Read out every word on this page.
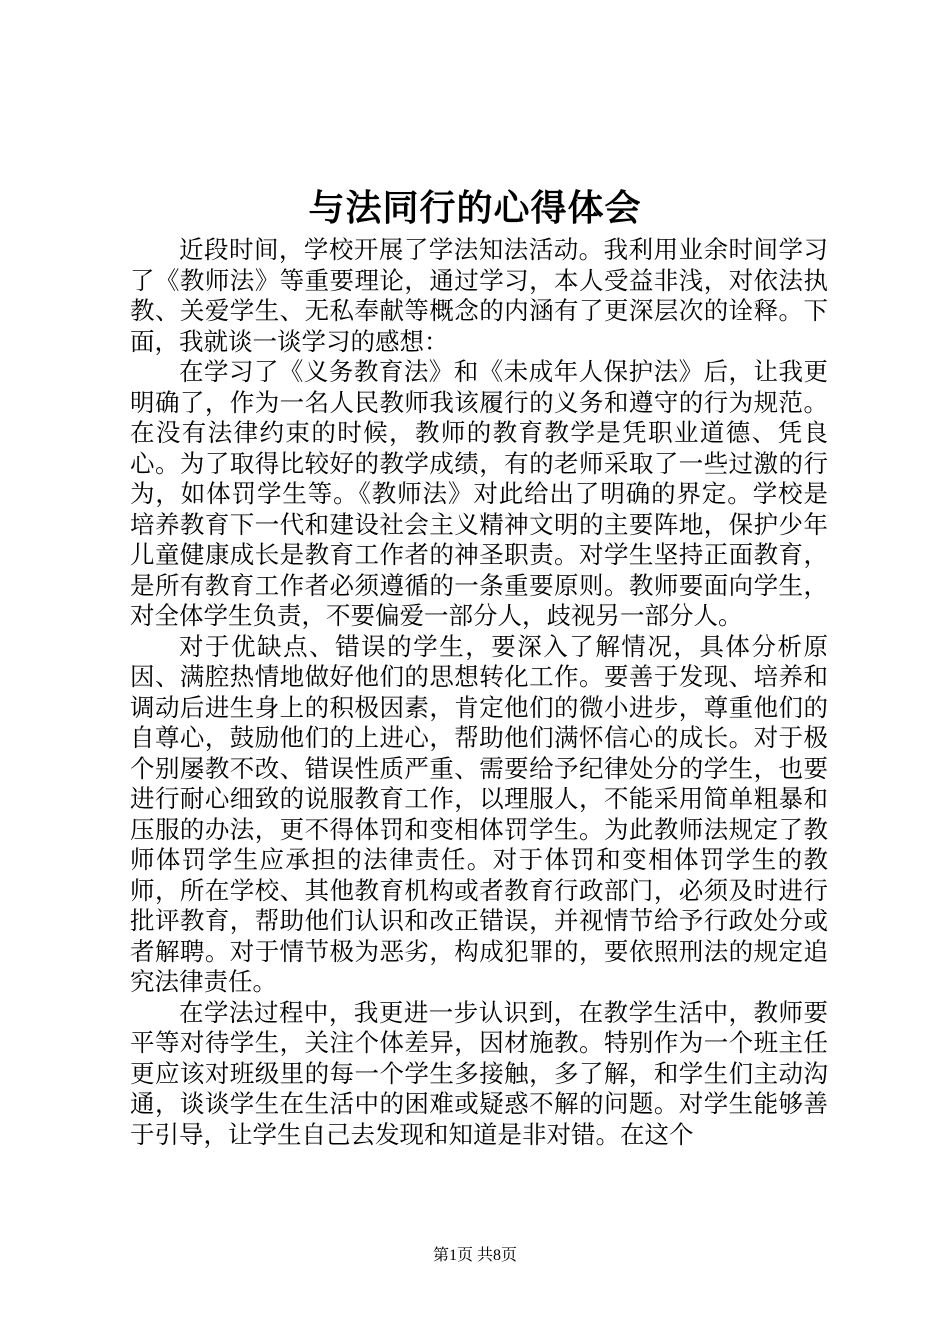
与法同行的心得体会

近段时间，学校开展了学法知法活动。我利用业余时间学习了《教师法》等重要理论，通过学习，本人受益非浅，对依法执教、关爱学生、无私奉献等概念的内涵有了更深层次的诠释。下面，我就谈一谈学习的感想：

在学习了《义务教育法》和《未成年人保护法》后，让我更明确了，作为一名人民教师我该履行的义务和遵守的行为规范。在没有法律约束的时候，教师的教育教学是凭职业道德、凭良心。为了取得比较好的教学成绩，有的老师采取了一些过激的行为，如体罚学生等。《教师法》对此给出了明确的界定。学校是培养教育下一代和建设社会主义精神文明的主要阵地，保护少年儿童健康成长是教育工作者的神圣职责。对学生坚持正面教育，是所有教育工作者必须遵循的一条重要原则。教师要面向学生，对全体学生负责，不要偏爱一部分人，歧视另一部分人。

对于优缺点、错误的学生，要深入了解情况，具体分析原因、满腔热情地做好他们的思想转化工作。要善于发现、培养和调动后进生身上的积极因素，肯定他们的微小进步，尊重他们的自尊心，鼓励他们的上进心，帮助他们满怀信心的成长。对于极个别屡教不改、错误性质严重、需要给予纪律处分的学生，也要进行耐心细致的说服教育工作，以理服人，不能采用简单粗暴和压服的办法，更不得体罚和变相体罚学生。为此教师法规定了教师体罚学生应承担的法律责任。对于体罚和变相体罚学生的教师，所在学校、其他教育机构或者教育行政部门，必须及时进行批评教育，帮助他们认识和改正错误，并视情节给予行政处分或者解聘。对于情节极为恶劣，构成犯罪的，要依照刑法的规定追究法律责任。

在学法过程中，我更进一步认识到，在教学生活中，教师要平等对待学生，关注个体差异，因材施教。特别作为一个班主任更应该对班级里的每一个学生多接触，多了解，和学生们主动沟通，谈谈学生在生活中的困难或疑惑不解的问题。对学生能够善于引导，让学生自己去发现和知道是非对错。在这个

第1页 共8页
